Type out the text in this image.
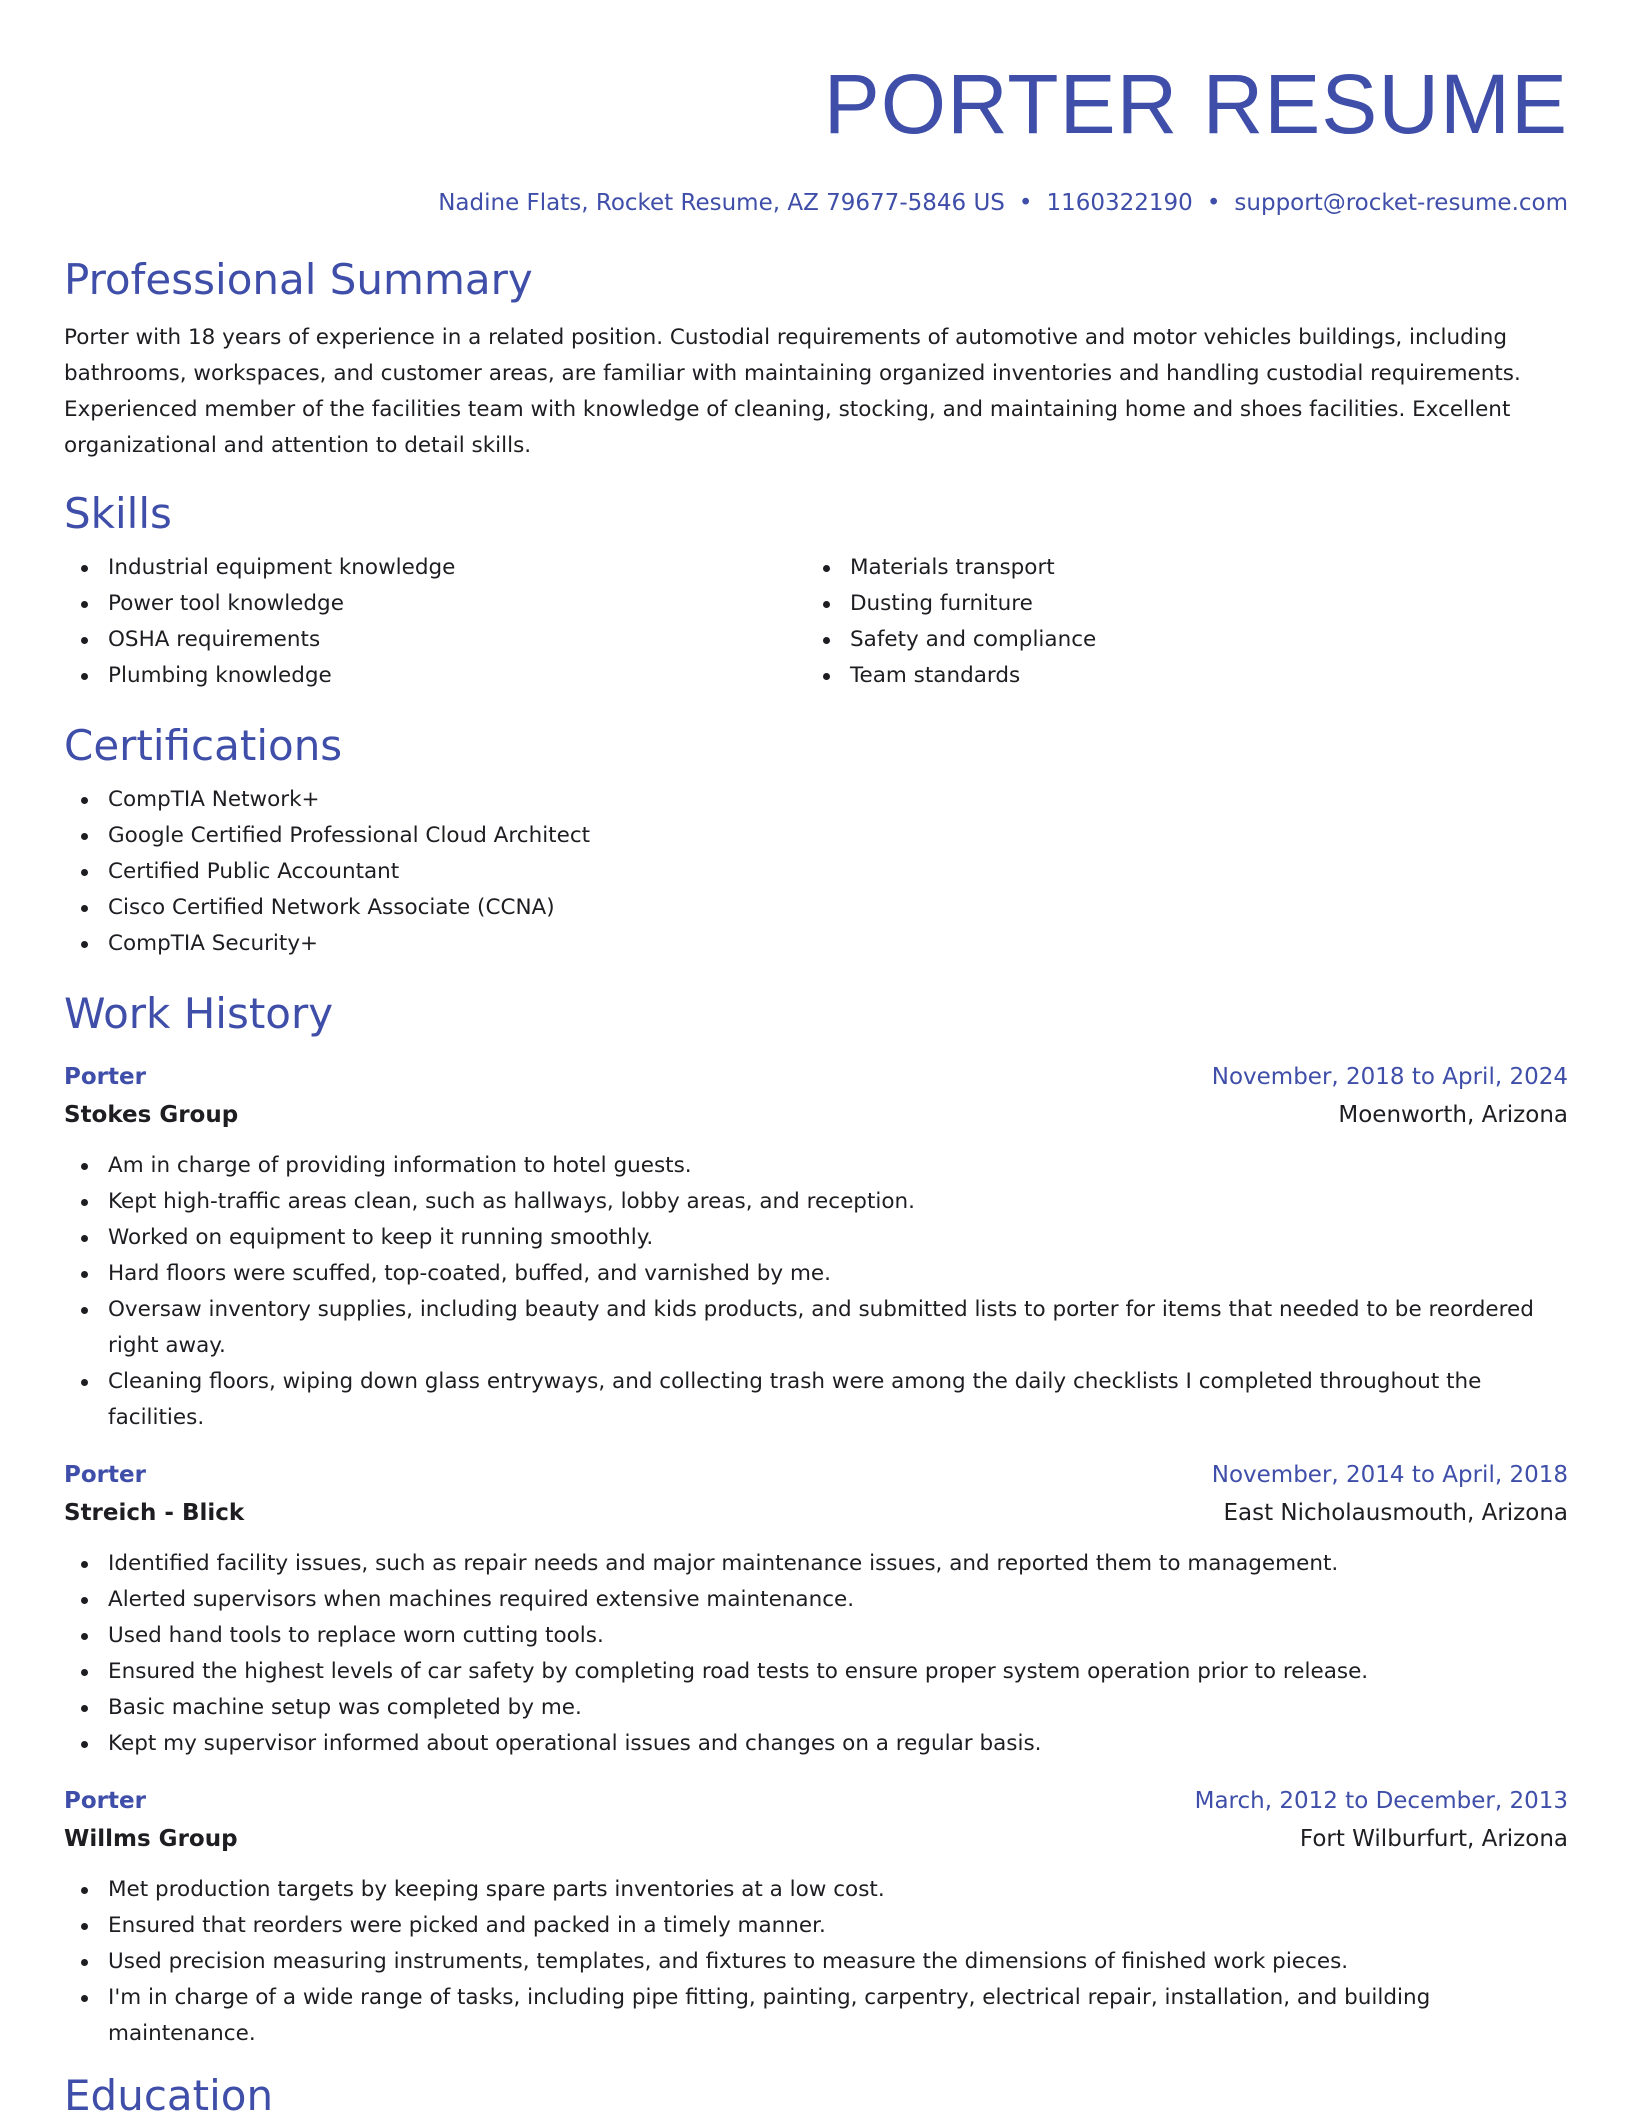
PORTER RESUME
Nadine Flats, Rocket Resume, AZ 79677-5846 US • 1160322190 • support@rocket-resume.com
Professional Summary

Porter with 18 years of experience in a related position. Custodial requirements of automotive and motor vehicles buildings, including bathrooms, workspaces, and customer areas, are familiar with maintaining organized inventories and handling custodial requirements. Experienced member of the facilities team with knowledge of cleaning, stocking, and maintaining home and shoes facilities. Excellent organizational and attention to detail skills.

Skills
Industrial equipment knowledge
Power tool knowledge
OSHA requirements
Plumbing knowledge
Materials transport
Dusting furniture
Safety and compliance
Team standards
Certifications
CompTIA Network+
Google Certified Professional Cloud Architect
Certified Public Accountant
Cisco Certified Network Associate (CCNA)
CompTIA Security+
Work History
Porter	November, 2018 to April, 2024
Stokes Group	Moenworth, Arizona
Am in charge of providing information to hotel guests.
Kept high-traffic areas clean, such as hallways, lobby areas, and reception.
Worked on equipment to keep it running smoothly.
Hard floors were scuffed, top-coated, buffed, and varnished by me.
Oversaw inventory supplies, including beauty and kids products, and submitted lists to porter for items that needed to be reordered right away.
Cleaning floors, wiping down glass entryways, and collecting trash were among the daily checklists I completed throughout the facilities.
Porter	November, 2014 to April, 2018
Streich - Blick	East Nicholausmouth, Arizona
Identified facility issues, such as repair needs and major maintenance issues, and reported them to management.
Alerted supervisors when machines required extensive maintenance.
Used hand tools to replace worn cutting tools.
Ensured the highest levels of car safety by completing road tests to ensure proper system operation prior to release.
Basic machine setup was completed by me.
Kept my supervisor informed about operational issues and changes on a regular basis.
Porter	March, 2012 to December, 2013
Willms Group	Fort Wilburfurt, Arizona
Met production targets by keeping spare parts inventories at a low cost.
Ensured that reorders were picked and packed in a timely manner.
Used precision measuring instruments, templates, and fixtures to measure the dimensions of finished work pieces.
I'm in charge of a wide range of tasks, including pipe fitting, painting, carpentry, electrical repair, installation, and building maintenance.
Education
